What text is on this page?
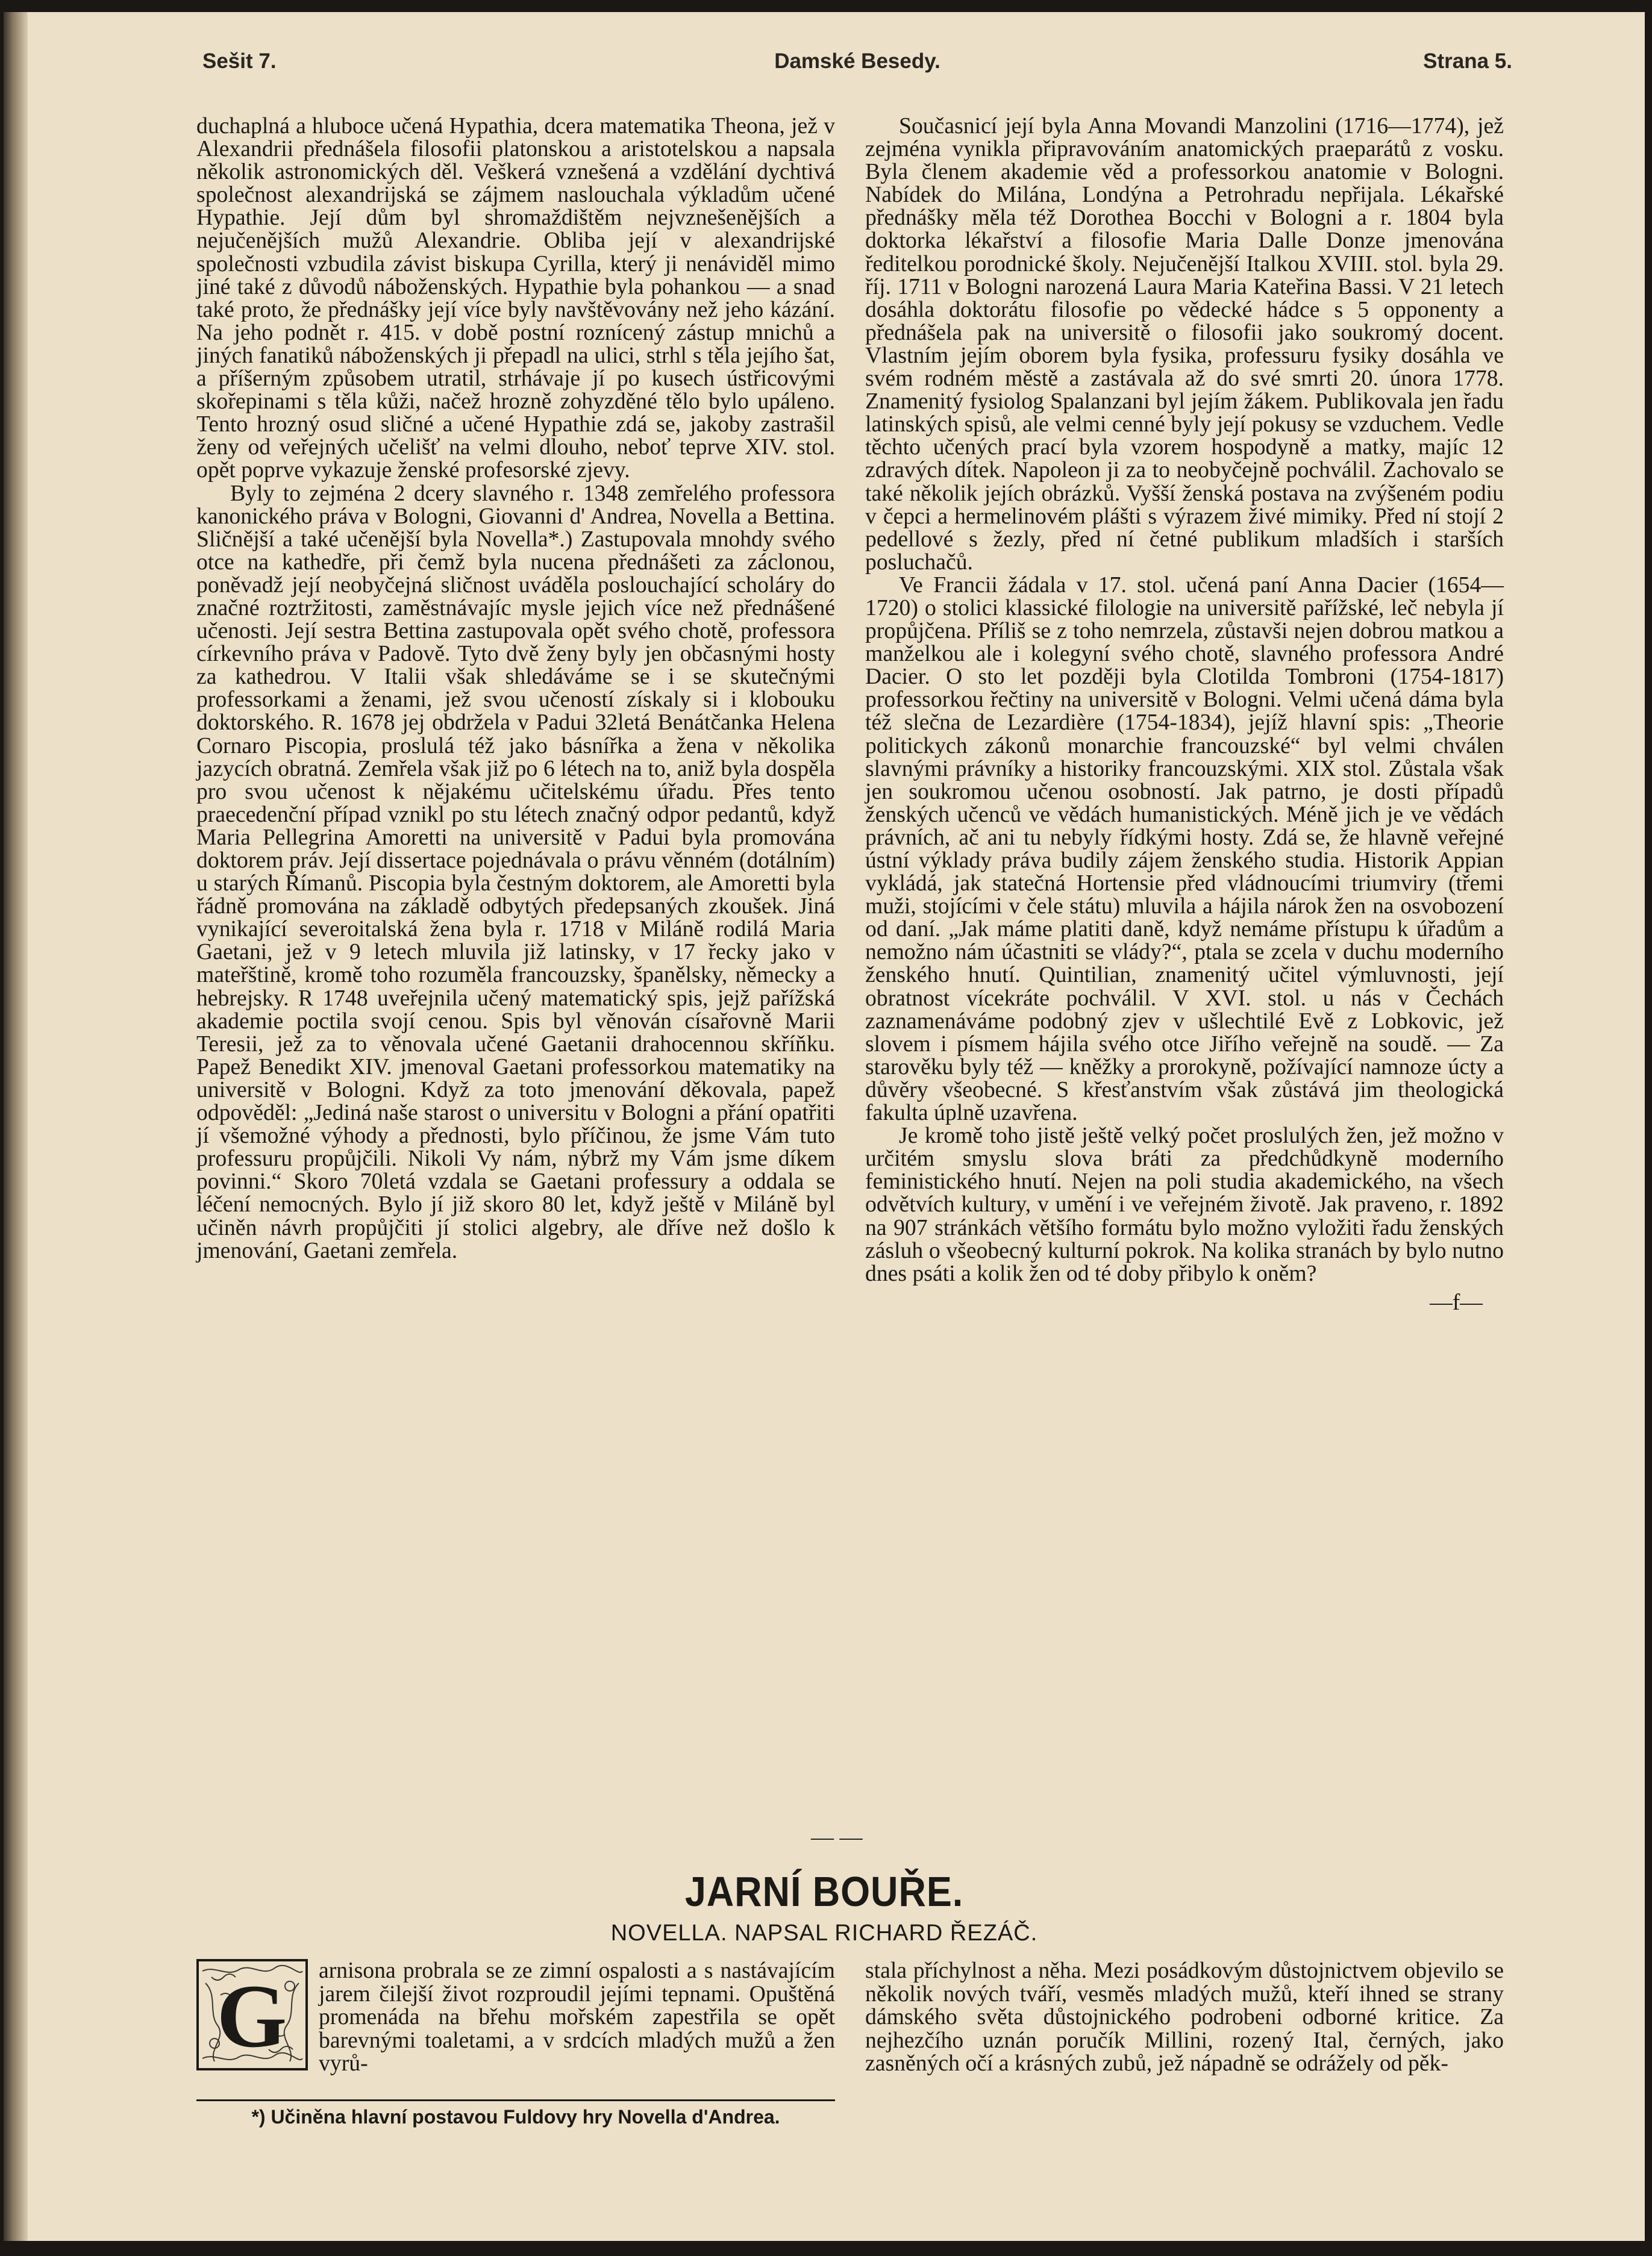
Sešit 7.	Damské Besedy.	Strana 5.

duchaplná a hluboce učená Hypathia, dcera matematika Theona, jež v Alexandrii přednášela filosofii platonskou a aristotelskou a napsala několik astronomických děl. Veškerá vznešená a vzdělání dychtivá společnost alexandrijská se zájmem naslouchala výkladům učené Hypathie. Její dům byl shromaždištěm nejvznešenějších a nejučenějších mužů Alexandrie. Obliba její v alexandrijské společnosti vzbudila závist biskupa Cyrilla, který ji nenáviděl mimo jiné také z důvodů náboženských. Hypathie byla pohankou — a snad také proto, že přednášky její více byly navštěvovány než jeho kázání. Na jeho podnět r. 415. v době postní roznícený zástup mnichů a jiných fanatiků náboženských ji přepadl na ulici, strhl s těla jejího šat, a příšerným způsobem utratil, strhávaje jí po kusech ústřicovými skořepinami s těla kůži, načež hrozně zohyzděné tělo bylo upáleno. Tento hrozný osud sličné a učené Hypathie zdá se, jakoby zastrašil ženy od veřejných učelišť na velmi dlouho, neboť teprve XIV. stol. opět poprve vykazuje ženské profesorské zjevy.

Byly to zejména 2 dcery slavného r. 1348 zemřelého professora kanonického práva v Bologni, Giovanni d' Andrea, Novella a Bettina. Sličnější a také učenější byla Novella*.) Zastupovala mnohdy svého otce na kathedře, při čemž byla nucena přednášeti za záclonou, poněvadž její neobyčejná sličnost uváděla poslouchající scholáry do značné roztržitosti, zaměstnávajíc mysle jejich více než přednášené učenosti. Její sestra Bettina zastupovala opět svého chotě, professora církevního práva v Padově. Tyto dvě ženy byly jen občasnými hosty za kathedrou. V Italii však shledáváme se i se skutečnými professorkami a ženami, jež svou učeností získaly si i klobouku doktorského. R. 1678 jej obdržela v Padui 32letá Benátčanka Helena Cornaro Piscopia, proslulá též jako básnířka a žena v několika jazycích obratná. Zemřela však již po 6 létech na to, aniž byla dospěla pro svou učenost k nějakému učitelskému úřadu. Přes tento praecedenční případ vznikl po stu létech značný odpor pedantů, když Maria Pellegrina Amoretti na universitě v Padui byla promována doktorem práv. Její dissertace pojednávala o právu věnném (dotálním) u starých Římanů. Piscopia byla čestným doktorem, ale Amoretti byla řádně promována na základě odbytých předepsaných zkoušek. Jiná vynikající severoitalská žena byla r. 1718 v Miláně rodilá Maria Gaetani, jež v 9 letech mluvila již latinsky, v 17 řecky jako v mateřštině, kromě toho rozuměla francouzsky, španělsky, německy a hebrejsky. R 1748 uveřejnila učený matematický spis, jejž pařížská akademie poctila svojí cenou. Spis byl věnován císařovně Marii Teresii, jež za to věnovala učené Gaetanii drahocennou skříňku. Papež Benedikt XIV. jmenoval Gaetani professorkou matematiky na universitě v Bologni. Když za toto jmenování děkovala, papež odpověděl: „Jediná naše starost o universitu v Bologni a přání opatřiti jí všemožné výhody a přednosti, bylo příčinou, že jsme Vám tuto professuru propůjčili. Nikoli Vy nám, nýbrž my Vám jsme díkem povinni.“ Skoro 70letá vzdala se Gaetani professury a oddala se léčení nemocných. Bylo jí již skoro 80 let, když ještě v Miláně byl učiněn návrh propůjčiti jí stolici algebry, ale dříve než došlo k jmenování, Gaetani zemřela.

Současnicí její byla Anna Movandi Manzolini (1716—1774), jež zejména vynikla připravováním anatomických praeparátů z vosku. Byla členem akademie věd a professorkou anatomie v Bologni. Nabídek do Milána, Londýna a Petrohradu nepřijala. Lékařské přednášky měla též Dorothea Bocchi v Bologni a r. 1804 byla doktorka lékařství a filosofie Maria Dalle Donze jmenována ředitelkou porodnické školy. Nejučenější Italkou XVIII. stol. byla 29. říj. 1711 v Bologni narozená Laura Maria Kateřina Bassi. V 21 letech dosáhla doktorátu filosofie po vědecké hádce s 5 opponenty a přednášela pak na universitě o filosofii jako soukromý docent. Vlastním jejím oborem byla fysika, professuru fysiky dosáhla ve svém rodném městě a zastávala až do své smrti 20. února 1778. Znamenitý fysiolog Spalanzani byl jejím žákem. Publikovala jen řadu latinských spisů, ale velmi cenné byly její pokusy se vzduchem. Vedle těchto učených prací byla vzorem hospodyně a matky, majíc 12 zdravých dítek. Napoleon ji za to neobyčejně pochválil. Zachovalo se také několik jejích obrázků. Vyšší ženská postava na zvýšeném podiu v čepci a hermelinovém plášti s výrazem živé mimiky. Před ní stojí 2 pedellové s žezly, před ní četné publikum mladších i starších posluchačů.

Ve Francii žádala v 17. stol. učená paní Anna Dacier (1654—1720) o stolici klassické filologie na universitě pařížské, leč nebyla jí propůjčena. Příliš se z toho nemrzela, zůstavši nejen dobrou matkou a manželkou ale i kolegyní svého chotě, slavného professora André Dacier. O sto let později byla Clotilda Tombroni (1754-1817) professorkou řečtiny na universitě v Bologni. Velmi učená dáma byla též slečna de Lezardière (1754-1834), jejíž hlavní spis: „Theorie politickych zákonů monarchie francouzské“ byl velmi chválen slavnými právníky a historiky francouzskými. XIX stol. Zůstala však jen soukromou učenou osobností. Jak patrno, je dosti případů ženských učenců ve vědách humanistických. Méně jich je ve vědách právních, ač ani tu nebyly řídkými hosty. Zdá se, že hlavně veřejné ústní výklady práva budily zájem ženského studia. Historik Appian vykládá, jak statečná Hortensie před vládnoucími triumviry (třemi muži, stojícími v čele státu) mluvila a hájila nárok žen na osvobození od daní. „Jak máme platiti daně, když nemáme přístupu k úřadům a nemožno nám účastniti se vlády?“, ptala se zcela v duchu moderního ženského hnutí. Quintilian, znamenitý učitel výmluvnosti, její obratnost vícekráte pochválil. V XVI. stol. u nás v Čechách zaznamenáváme podobný zjev v ušlechtilé Evě z Lobkovic, jež slovem i písmem hájila svého otce Jiřího veřejně na soudě. — Za starověku byly též — kněžky a prorokyně, požívající namnoze úcty a důvěry všeobecné. S křesťanstvím však zůstává jim theologická fakulta úplně uzavřena.

Je kromě toho jistě ještě velký počet proslulých žen, jež možno v určitém smyslu slova bráti za předchůdkyně moderního feministického hnutí. Nejen na poli studia akademického, na všech odvětvích kultury, v umění i ve veřejném životě. Jak praveno, r. 1892 na 907 stránkách většího formátu bylo možno vyložiti řadu ženských zásluh o všeobecný kulturní pokrok. Na kolika stranách by bylo nutno dnes psáti a kolik žen od té doby přibylo k oněm?

—f—

— —
JARNÍ BOUŘE.
NOVELLA. NAPSAL RICHARD ŘEZÁČ.
G arnisona probrala se ze zimní ospalosti a s nastávajícím jarem čilejší život rozproudil jejími tepnami. Opuštěná promenáda na břehu mořském zapestřila se opět barevnými toaletami, a v srdcích mladých mužů a žen vyrů-
stala příchylnost a něha. Mezi posádkovým důstojnictvem objevilo se několik nových tváří, vesměs mladých mužů, kteří ihned se strany dámského světa důstojnického podrobeni odborné kritice. Za nejhezčího uznán poručík Millini, rozený Ital, černých, jako zasněných očí a krásných zubů, jež nápadně se odrážely od pěk-
*) Učiněna hlavní postavou Fuldovy hry Novella d'Andrea.
